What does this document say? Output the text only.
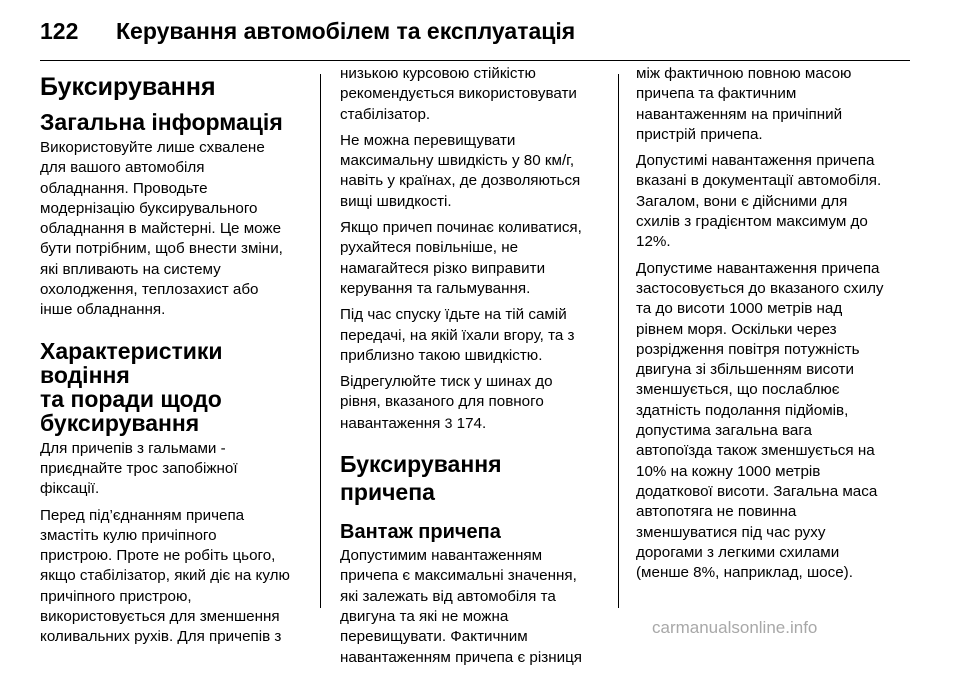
122 Керування автомобілем та експлуатація
Буксирування
Загальна інформація

Використовуйте лише схвалене
для вашого автомобіля
обладнання. Проводьте
модернізацію буксирувального
обладнання в майстерні. Це може
бути потрібним, щоб внести зміни,
які впливають на систему
охолодження, теплозахист або
інше обладнання.

Характеристики водіння
та поради щодо
буксирування

Для причепів з гальмами -
приєднайте трос запобіжної
фіксації.

Перед під’єднанням причепа
змастіть кулю причіпного
пристрою. Проте не робіть цього,
якщо стабілізатор, який діє на кулю
причіпного пристрою,
використовується для зменшення
коливальних рухів. Для причепів з

низькою курсовою стійкістю
рекомендується використовувати
стабілізатор.

Не можна перевищувати
максимальну швидкість у 80 км/г,
навіть у країнах, де дозволяються
вищі швидкості.

Якщо причеп починає коливатися,
рухайтеся повільніше, не
намагайтеся різко виправити
керування та гальмування.

Під час спуску їдьте на тій самій
передачі, на якій їхали вгору, та з
приблизно такою швидкістю.

Відрегулюйте тиск у шинах до
рівня, вказаного для повного
навантаження 3 174.

Буксирування причепа
Вантаж причепа

Допустимим навантаженням
причепа є максимальні значення,
які залежать від автомобіля та
двигуна та які не можна
перевищувати. Фактичним
навантаженням причепа є різниця

між фактичною повною масою
причепа та фактичним
навантаженням на причіпний
пристрій причепа.

Допустимі навантаження причепа
вказані в документації автомобіля.
Загалом, вони є дійсними для
схилів з градієнтом максимум до
12%.

Допустиме навантаження причепа
застосовується до вказаного схилу
та до висоти 1000 метрів над
рівнем моря. Оскільки через
розрідження повітря потужність
двигуна зі збільшенням висоти
зменшується, що послаблює
здатність подолання підйомів,
допустима загальна вага
автопоїзда також зменшується на
10% на кожну 1000 метрів
додаткової висоти. Загальна маса
автопотяга не повинна
зменшуватися під час руху
дорогами з легкими схилами
(менше 8%, наприклад, шосе).

carmanualsonline.info
